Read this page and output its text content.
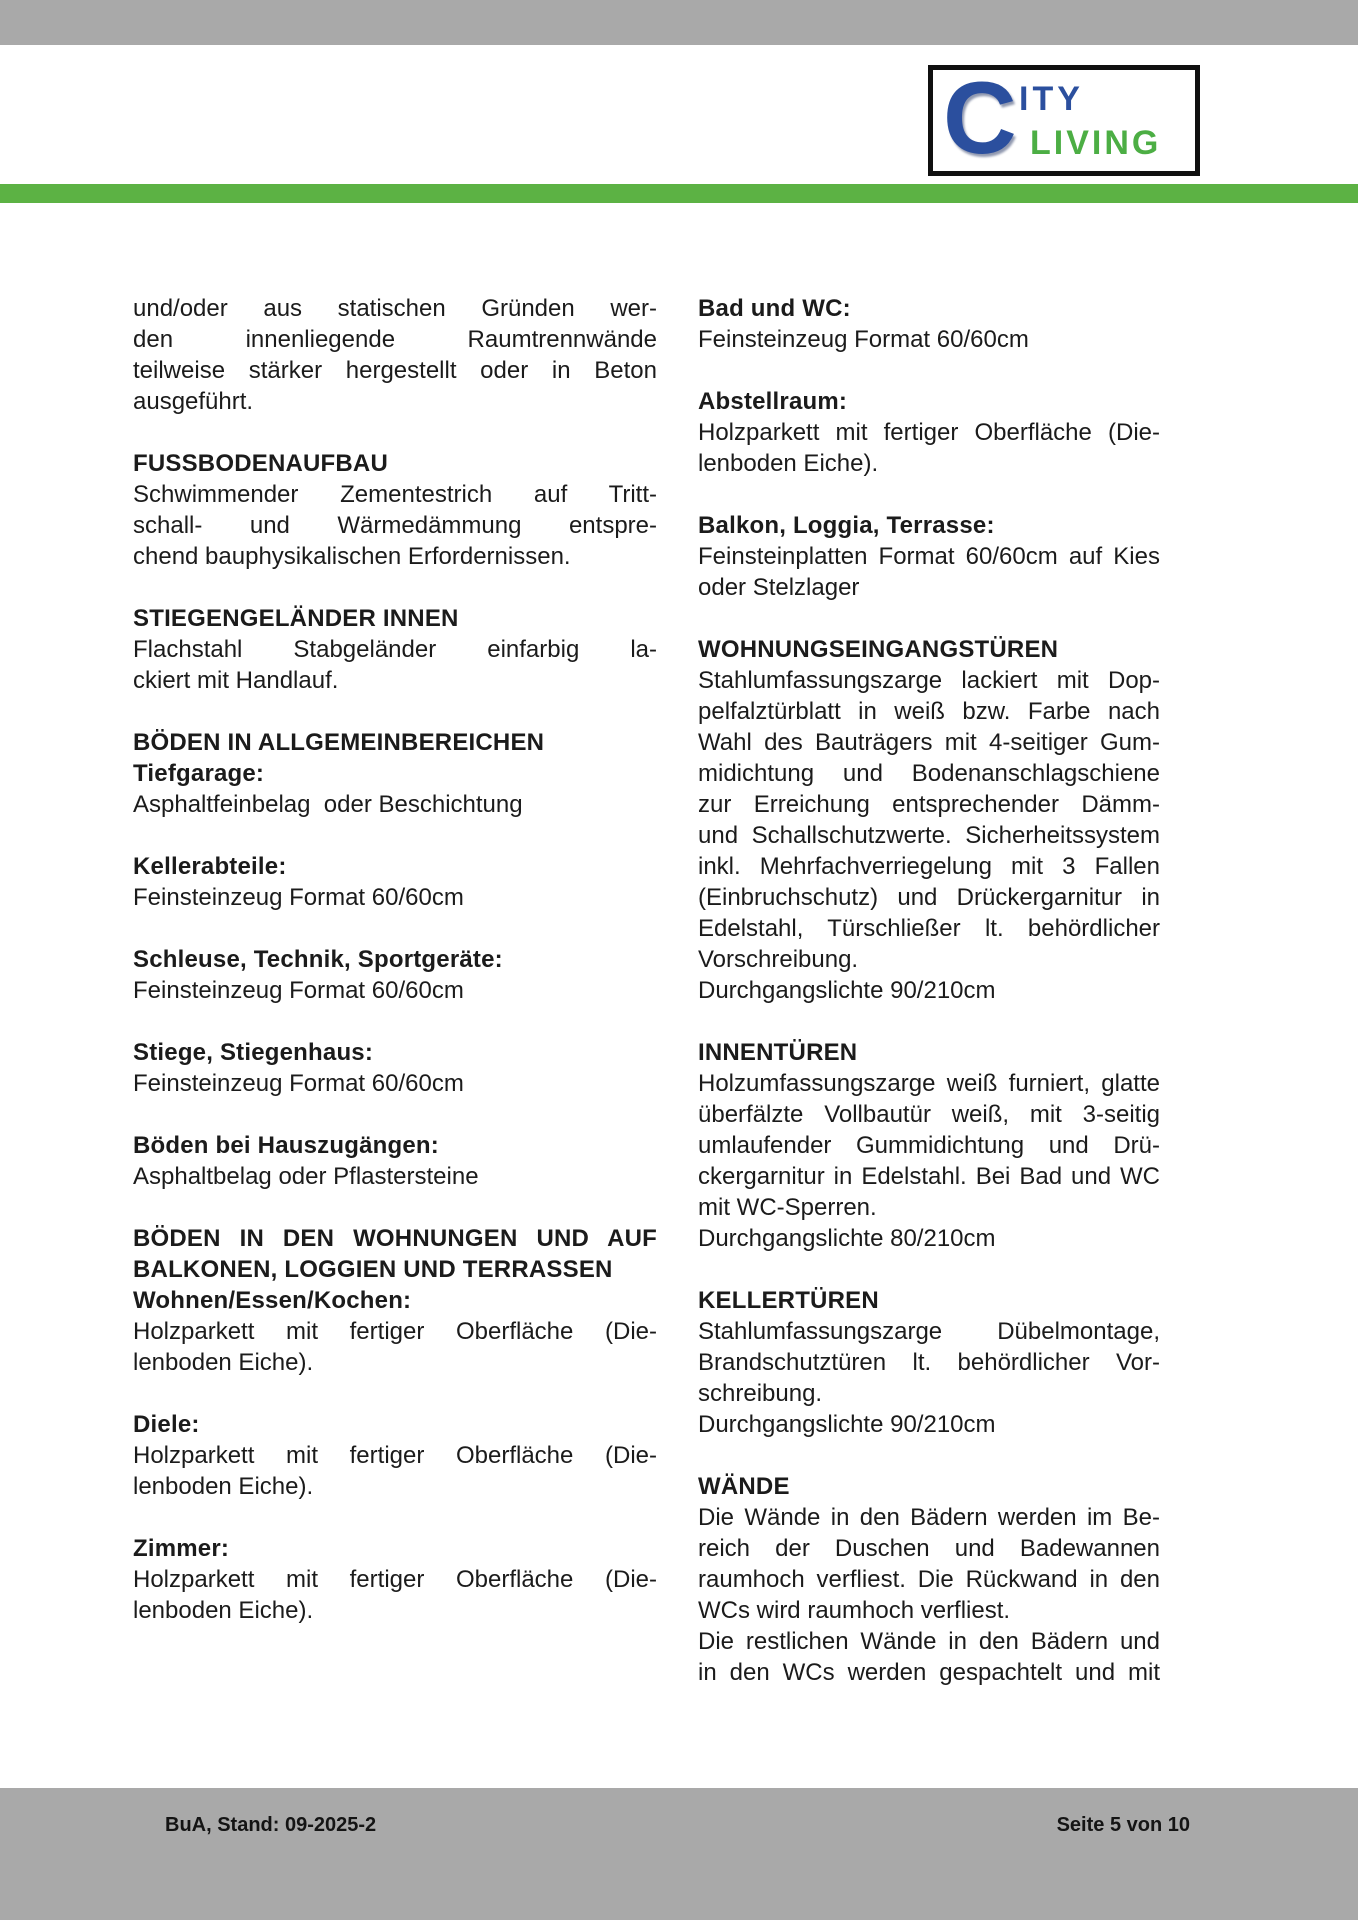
C ITY
LIVING
und/oder aus statischen Gründen wer-
den innenliegende Raumtrennwände
teilweise stärker hergestellt oder in Beton
ausgeführt.
FUSSBODENAUFBAU
Schwimmender Zementestrich auf Tritt-
schall- und Wärmedämmung entspre-
chend bauphysikalischen Erfordernissen.
STIEGENGELÄNDER INNEN
Flachstahl Stabgeländer einfarbig la-
ckiert mit Handlauf.
BÖDEN IN ALLGEMEINBEREICHEN
Tiefgarage:
Asphaltfeinbelag  oder Beschichtung
Kellerabteile:
Feinsteinzeug Format 60/60cm
Schleuse, Technik, Sportgeräte:
Feinsteinzeug Format 60/60cm
Stiege, Stiegenhaus:
Feinsteinzeug Format 60/60cm
Böden bei Hauszugängen:
Asphaltbelag oder Pflastersteine
BÖDEN IN DEN WOHNUNGEN UND AUF
BALKONEN, LOGGIEN UND TERRASSEN
Wohnen/Essen/Kochen:
Holzparkett mit fertiger Oberfläche (Die-
lenboden Eiche).
Diele:
Holzparkett mit fertiger Oberfläche (Die-
lenboden Eiche).
Zimmer:
Holzparkett mit fertiger Oberfläche (Die-
lenboden Eiche).
Bad und WC:
Feinsteinzeug Format 60/60cm
Abstellraum:
Holzparkett mit fertiger Oberfläche (Die-
lenboden Eiche).
Balkon, Loggia, Terrasse:
Feinsteinplatten Format 60/60cm auf Kies
oder Stelzlager
WOHNUNGSEINGANGSTÜREN
Stahlumfassungszarge lackiert mit Dop-
pelfalztürblatt in weiß bzw. Farbe nach
Wahl des Bauträgers mit 4-seitiger Gum-
midichtung und Bodenanschlagschiene
zur Erreichung entsprechender Dämm-
und Schallschutzwerte. Sicherheitssystem
inkl. Mehrfachverriegelung mit 3 Fallen
(Einbruchschutz) und Drückergarnitur in
Edelstahl, Türschließer lt. behördlicher
Vorschreibung.
Durchgangslichte 90/210cm
INNENTÜREN
Holzumfassungszarge weiß furniert, glatte
überfälzte Vollbautür weiß, mit 3-seitig
umlaufender Gummidichtung und Drü-
ckergarnitur in Edelstahl. Bei Bad und WC
mit WC-Sperren.
Durchgangslichte 80/210cm
KELLERTÜREN
Stahlumfassungszarge Dübelmontage,
Brandschutztüren lt. behördlicher Vor-
schreibung.
Durchgangslichte 90/210cm
WÄNDE
Die Wände in den Bädern werden im Be-
reich der Duschen und Badewannen
raumhoch verfliest. Die Rückwand in den
WCs wird raumhoch verfliest.
Die restlichen Wände in den Bädern und
in den WCs werden gespachtelt und mit
BuA, Stand: 09-2025-2	Seite 5 von 10
